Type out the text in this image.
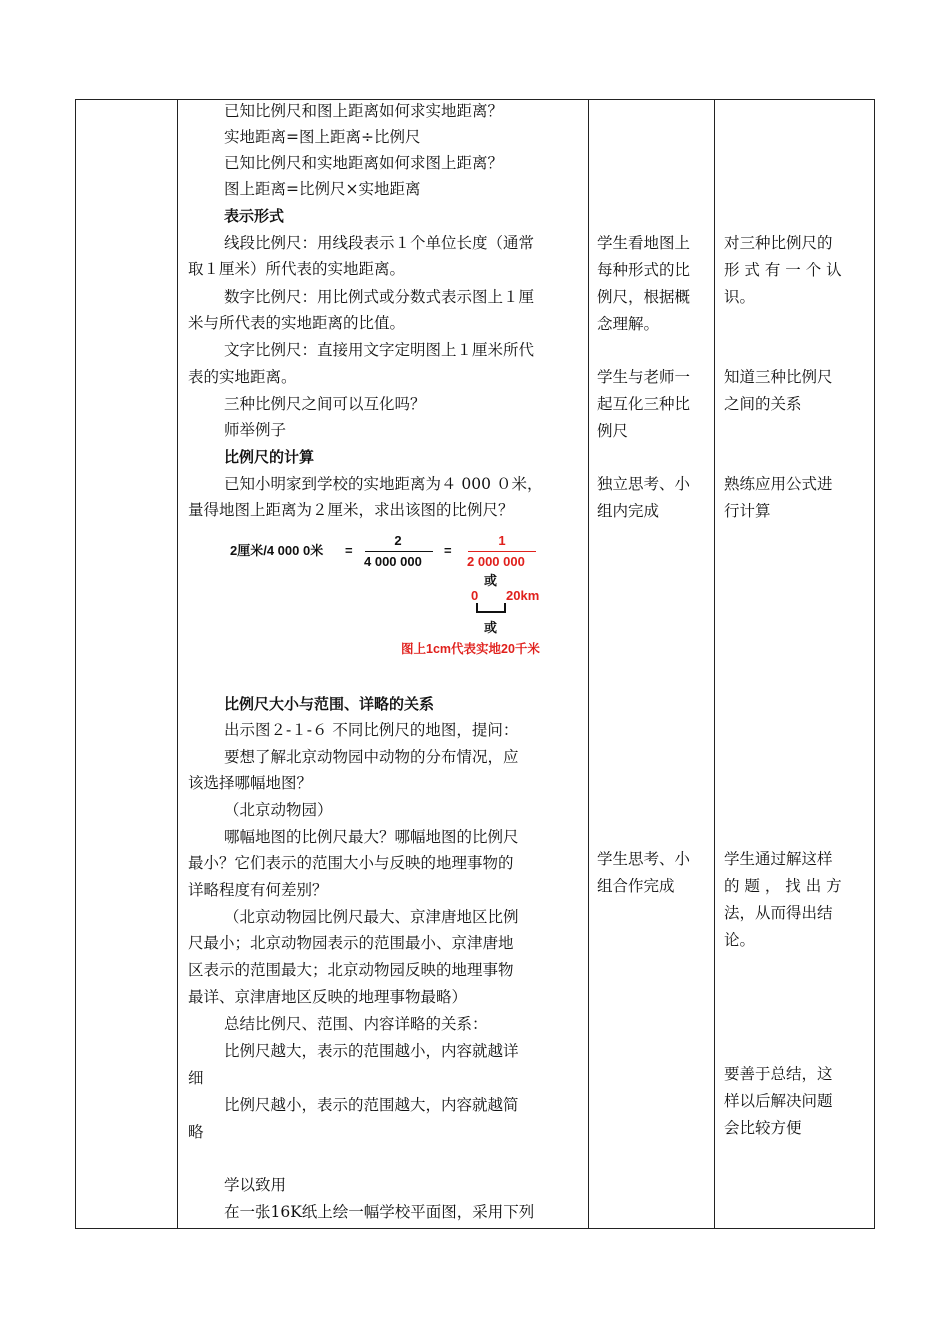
已知比例尺和图上距离如何求实地距离？
实地距离=图上距离÷比例尺
已知比例尺和实地距离如何求图上距离？
图上距离=比例尺×实地距离
表示形式
线段比例尺：用线段表示１个单位长度（通常
取１厘米）所代表的实地距离。
数字比例尺：用比例式或分数式表示图上１厘
米与所代表的实地距离的比值。
文字比例尺：直接用文字定明图上１厘米所代
表的实地距离。
三种比例尺之间可以互化吗？
师举例子
比例尺的计算
已知小明家到学校的实地距离为４ 000 ０米，
量得地图上距离为２厘米，求出该图的比例尺？
2厘米/4 000 0米 =
2
4 000 000
=
1
2 000 000
或
0 20km
或
图上1cm代表实地20千米
比例尺大小与范围、详略的关系
出示图２-１-６ 不同比例尺的地图，提问：
要想了解北京动物园中动物的分布情况，应
该选择哪幅地图？
（北京动物园）
哪幅地图的比例尺最大？哪幅地图的比例尺
最小？它们表示的范围大小与反映的地理事物的
详略程度有何差别？
（北京动物园比例尺最大、京津唐地区比例
尺最小；北京动物园表示的范围最小、京津唐地
区表示的范围最大；北京动物园反映的地理事物
最详、京津唐地区反映的地理事物最略）
总结比例尺、范围、内容详略的关系：
比例尺越大，表示的范围越小，内容就越详
细
比例尺越小，表示的范围越大，内容就越简
略
学以致用
在一张16K纸上绘一幅学校平面图，采用下列
学生看地图上
每种形式的比
例尺，根据概
念理解。
学生与老师一
起互化三种比
例尺
独立思考、小
组内完成
学生思考、小
组合作完成
对三种比例尺的
形 式 有 一 个 认
识。
知道三种比例尺
之间的关系
熟练应用公式进
行计算
学生通过解这样
的 题 ， 找 出 方
法，从而得出结
论。
要善于总结，这
样以后解决问题
会比较方便
